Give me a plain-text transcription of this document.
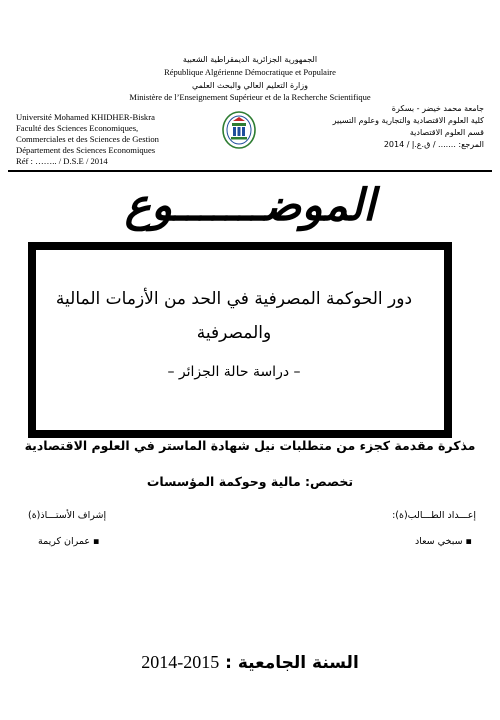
الجمهورية الجزائرية الديمقراطية الشعبية
République Algérienne Démocratique et Populaire
وزارة التعليم العالي والبحث العلمي
Ministère de l’Enseignement Supérieur et de la Recherche Scientifique
Université Mohamed KHIDHER-Biskra
Faculté des Sciences Economiques,
Commerciales et des Sciences de Gestion
Département des Sciences Economiques
Réf : …….. / D.S.E / 2014
جامعة محمد خيضر - بسكرة
كلية العلوم الاقتصادية والتجارية وعلوم التسيير
قسم العلوم الاقتصادية
المرجع: ....... / ق.ع.إ / 2014
الموضـــــــوع
دور الحوكمة المصرفية في الحد من الأزمات المالية
والمصرفية
– دراسة حالة الجزائر –
مذكرة مقدمة كجزء من متطلبات نيل شهادة الماستر في العلوم الاقتصادية
تخصص: مالية وحوكمة المؤسسات
إعـــداد الطـــالب(ة):
▪ سبخي سعاد
إشراف الأستـــاذ(ة)
▪ عمران كريمة
السنة الجامعية : 2014-2015
